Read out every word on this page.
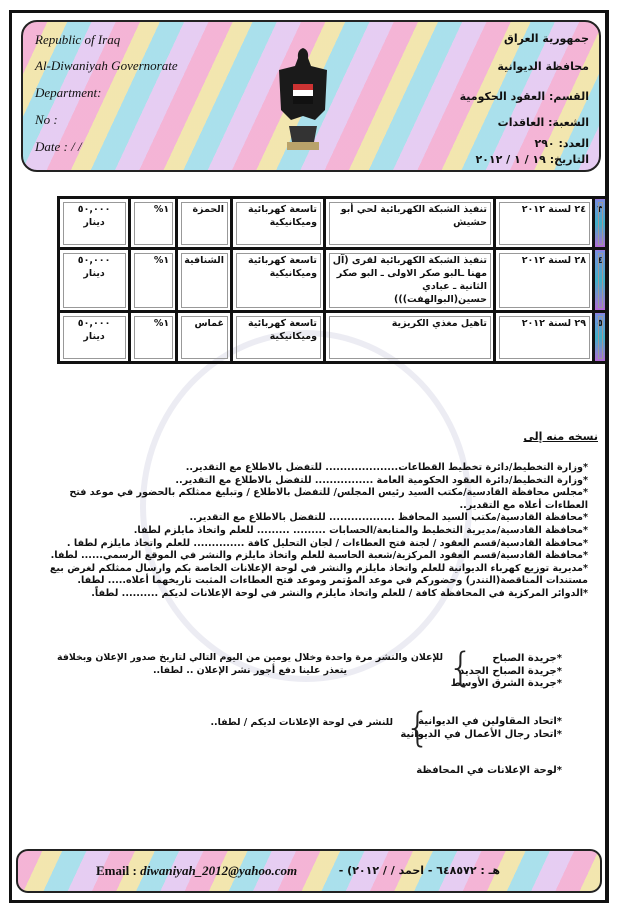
Republic of Iraq
Al-Diwaniyah Governorate
Department:
No :
Date : / /
جمهورية العراق
محافظة الديوانية
القسم: العقود الحكومية
الشعبة: العاقدات
العدد: ٢٩٠
التاريخ: ١٩ / ١ / ٢٠١٢
٣	٢٤ لسنة ٢٠١٢	تنفيذ الشبكة الكهربائية لحي أبو حشيش	تاسعة كهربائية وميكانيكية	الحمزة	١%	٥٠,٠٠٠ دينار
٤	٢٨ لسنة ٢٠١٢	تنفيذ الشبكة الكهربائية لقرى (آل مهنا ـالبو صكر الاولى ـ البو صكر الثانية ـ عبادي حسين(البوالهفت)))	تاسعة كهربائية وميكانيكية	الشنافية	١%	٥٠,٠٠٠ دينار
٥	٢٩ لسنة ٢٠١٢	تاهيل مغذي الكريزية	تاسعة كهربائية وميكانيكية	غماس	١%	٥٠,٠٠٠ دينار
نسخه منه إلى
*وزارة التخطيط/دائرة تخطيط القطاعات.................... للتفضل بالاطلاع مع التقدير..
*وزارة التخطيط/دائرة العقود الحكومية العامة ................ للتفضل بالاطلاع مع التقدير..
*مجلس محافظة القادسية/مكتب السيد رئيس المجلس/ للتفضل بالاطلاع / وتبليغ ممثلكم بالحضور في موعد فتح العطاءات أعلاه مع التقدير..
*محافظة القادسية/مكتب السيد المحافظ .................. للتفضل بالاطلاع مع التقدير..
*محافظة القادسية/مديرية التخطيط والمتابعة/الحسابات ......... ......... للعلم واتخاذ مايلزم لطفا.
*محافظة القادسية/قسم العقود / لجنة فتح العطاءات / لجان التحليل كافة .............. للعلم واتخاذ مايلزم لطفا .
*محافظة القادسية/قسم العقود المركزية/شعبة الحاسبة للعلم واتخاذ مايلزم والنشر في الموقع الرسمي...... لطفا.
*مديرية توزيع كهرباء الديوانية للعلم واتخاذ مايلزم والنشر في لوحة الإعلانات الخاصة بكم وارسال ممثلكم لغرض بيع مستندات المناقصة(التندر) وحضوركم في موعد المؤتمر وموعد فتح العطاءات المثبت تاريخهما أعلاه..... لطفا.
*الدوائر المركزية في المحافظة كافة / للعلم واتخاذ مايلزم والنشر في لوحة الإعلانات لديكم .......... لطفاً.
*جريدة الصباح
*جريدة الصباح الجديد
*جريدة الشرق الأوسط
{
للإعلان والنشر مرة واحدة وخلال يومين من اليوم التالي لتاريخ صدور الإعلان وبخلافة
يتعذر علينا دفع أجور نشر الإعلان .. لطفا..
*اتحاد المقاولين في الديوانية
*اتحاد رجال الأعمال في الديوانية
{
للنشر في لوحة الإعلانات لديكم / لطفا..
*لوحة الإعلانات في المحافظة
Email : diwaniyah_2012@yahoo.com	هـ : ٦٤٨٥٧٢ - احمد / / ٢٠١٢) -
